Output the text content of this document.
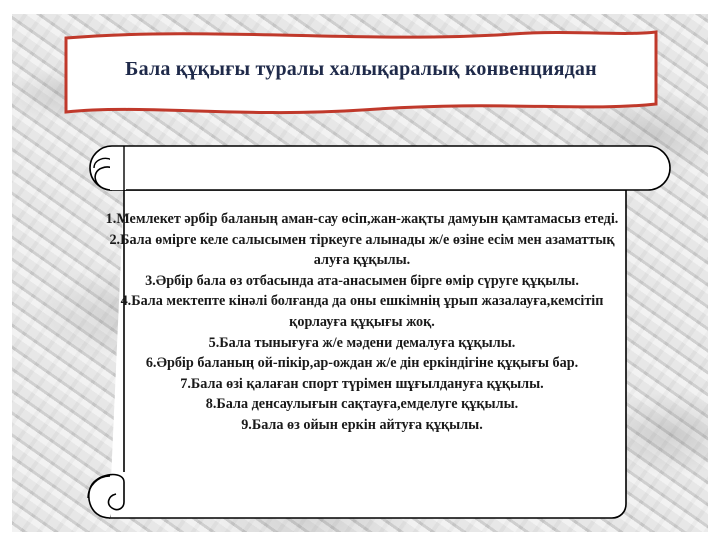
Бала құқығы туралы халықаралық конвенциядан

1.Мемлекет әрбір баланың аман-сау өсіп,жан-жақты дамуын қамтамасыз етеді.

2.Бала өмірге келе салысымен тіркеуге алынады ж/е өзіне есім мен азаматтық алуға құқылы.

3.Әрбір бала өз отбасында ата-анасымен бірге өмір сүруге құқылы.

4.Бала мектепте кінәлі болғанда да оны ешкімнің ұрып жазалауға,кемсітіп қорлауға құқығы жоқ.

5.Бала тынығуға ж/е мәдени демалуға құқылы.

6.Әрбір баланың ой-пікір,ар-ождан ж/е дін еркіндігіне құқығы бар.

7.Бала өзі қалаған спорт түрімен шұғылдануға құқылы.

8.Бала денсаулығын сақтауға,емделуге құқылы.

9.Бала өз ойын еркін айтуға құқылы.
